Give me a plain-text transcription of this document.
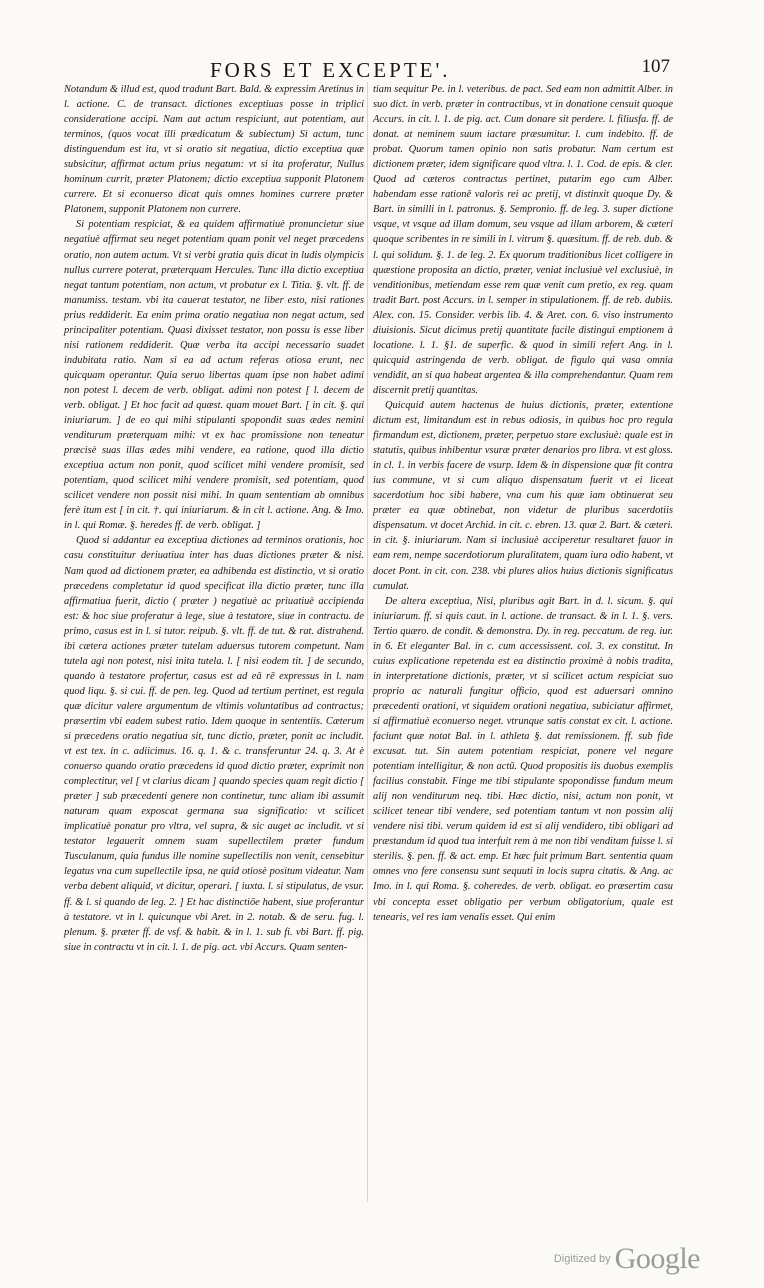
FORS ET EXCEPTE'.	107

Notandum & illud est, quod tradunt Bart. Bald. & expressim Aretinus in l. actione. C. de transact. dictiones exceptiuas posse in triplici consideratione accipi. Nam aut actum respiciunt, aut potentiam, aut terminos, (quos vocat illi prædicatum & subiectum) Si actum, tunc distinguendum est ita, vt si oratio sit negatiua, dictio exceptiua quæ subsicitur, affirmat actum prius negatum: vt si ita proferatur, Nullus hominum currit, præter Platonem; dictio exceptiua supponit Platonem currere. Et si econuerso dicat quis omnes homines currere præter Platonem, supponit Platonem non currere.

Si potentiam respiciat, & ea quidem affirmatiuè pronuncietur siue negatiuè affirmat seu neget potentiam quam ponit vel neget præcedens oratio, non autem actum. Vt si verbi gratia quis dicat in ludis olympicis nullus currere poterat, præterquam Hercules. Tunc illa dictio exceptiua negat tantum potentiam, non actum, vt probatur ex l. Titia. §. vlt. ff. de manumiss. testam. vbi ita cauerat testator, ne liber esto, nisi rationes prius reddiderit. Ea enim prima oratio negatiua non negat actum, sed principaliter potentiam. Quasi dixisset testator, non possu is esse liber nisi rationem reddiderit. Quæ verba ita accipi necessario suadet indubitata ratio. Nam si ea ad actum referas otiosa erunt, nec quicquam operantur. Quia seruo libertas quam ipse non habet adimi non potest l. decem de verb. obligat. adimi non potest [ l. decem de verb. obligat. ] Et hoc facit ad quæst. quam mouet Bart. [ in cit. §. qui iniuriarum. ] de eo qui mihi stipulanti spopondit suas ædes nemini venditurum præterquam mihi: vt ex hac promissione non teneatur præcisè suas illas ædes mihi vendere, ea ratione, quod illa dictio exceptiua actum non ponit, quod scilicet mihi vendere promisit, sed potentiam, quod scilicet mihi vendere promisit, sed potentiam, quod scilicet vendere non possit nisi mihi. In quam sententiam ab omnibus ferè itum est [ in cit. †. qui iniuriarum. & in cit l. actione. Ang. & Imo. in l. qui Romæ. §. heredes ff. de verb. obligat. ]

Quod si addantur ea exceptiua dictiones ad terminos orationis, hoc casu constituitur deriuatiua inter has duas dictiones præter & nisi. Nam quod ad dictionem præter, ea adhibenda est distinctio, vt si oratio præcedens completatur id quod specificat illa dictio præter, tunc illa affirmatiua fuerit, dictio ( præter ) negatiuè ac priuatiuè accipienda est: & hoc siue proferatur à lege, siue à testatore, siue in contractu. de primo, casus est in l. si tutor. reipub. §. vlt. ff. de tut. & rat. distrahend. ibi cætera actiones præter tutelam aduersus tutorem competunt. Nam tutela agi non potest, nisi inita tutela. l. [ nisi eodem tit. ] de secundo, quando à testatore profertur, casus est ad eā rē expressus in l. nam quod liqu. §. si cui. ff. de pen. leg. Quod ad tertium pertinet, est regula quæ dicitur valere argumentum de vltimis voluntatibus ad contractus; præsertim vbi eadem subest ratio. Idem quoque in sententiis. Cæterum si præcedens oratio negatiua sit, tunc dictio, præter, ponit ac includit. vt est tex. in c. adiicimus. 16. q. 1. & c. transferuntur 24. q. 3. At è conuerso quando oratio præcedens id quod dictio præter, exprimit non complectitur, vel [ vt clarius dicam ] quando species quam regit dictio [ præter ] sub præcedenti genere non continetur, tunc aliam ibi assumit naturam quam exposcat germana sua significatio: vt scilicet implicatiuè ponatur pro vltra, vel supra, & sic auget ac includit. vt si testator legauerit omnem suam supellectilem præter fundum Tusculanum, quia fundus ille nomine supellectilis non venit, censebitur legatus vna cum supellectile ipsa, ne quid otiosè positum videatur. Nam verba debent aliquid, vt dicitur, operari. [ iuxta. l. si stipulatus, de vsur. ff. & l. si quando de leg. 2. ] Et hac distinctiōe habent, siue proferantur à testatore. vt in l. quicunque vbi Aret. in 2. notab. & de seru. fug. l. plenum. §. præter ff. de vsf. & habit. & in l. 1. sub fi. vbi Bart. ff. pig. siue in contractu vt in cit. l. 1. de pig. act. vbi Accurs. Quam senten-

tiam sequitur Pe. in l. veteribus. de pact. Sed eam non admittit Alber. in suo dict. in verb. præter in contractibus, vt in donatione censuit quoque Accurs. in cit. l. 1. de pig. act. Cum donare sit perdere. l. filiusfa. ff. de donat. at neminem suum iactare præsumitur. l. cum indebito. ff. de probat. Quorum tamen opinio non satis probatur. Nam certum est dictionem præter, idem significare quod vltra. l. 1. Cod. de epis. & cler. Quod ad cæteros contractus pertinet, putarim ego cum Alber. habendam esse rationē valoris rei ac pretij, vt distinxit quoque Dy. & Bart. in similli in l. patronus. §. Sempronio. ff. de leg. 3. super dictione vsque, vt vsque ad illam domum, seu vsque ad illam arborem, & cæteri quoque scribentes in re simili in l. vitrum §. quæsitum. ff. de reb. dub. & l. qui solidum. §. 1. de leg. 2. Ex quorum traditionibus licet colligere in quæstione proposita an dictio, præter, veniat inclusiuè vel exclusiuè, in venditionibus, metiendam esse rem quæ venit cum pretio, ex reg. quam tradit Bart. post Accurs. in l. semper in stipulationem. ff. de reb. dubiis. Alex. con. 15. Consider. verbis lib. 4. & Aret. con. 6. viso instrumento diuisionis. Sicut dicimus pretij quantitate facile distingui emptionem à locatione. l. 1. §1. de superfic. & quod in simili refert Ang. in l. quicquid astringenda de verb. obligat. de figulo qui vasa omnia vendidit, an si qua habeat argentea & illa comprehendantur. Quam rem discernit pretij quantitas.

Quicquid autem hactenus de huius dictionis, præter, extentione dictum est, limitandum est in rebus odiosis, in quibus hoc pro regula firmandum est, dictionem, præter, perpetuo stare exclusiuè: quale est in statutis, quibus inhibentur vsuræ præter denarios pro libra. vt est gloss. in cl. 1. in verbis facere de vsurp. Idem & in dispensione quæ fit contra ius commune, vt si cum aliquo dispensatum fuerit vt ei liceat sacerdotium hoc sibi habere, vna cum his quæ iam obtinuerat seu præter ea quæ obtinebat, non videtur de pluribus sacerdotiis dispensatum. vt docet Archid. in cit. c. ebren. 13. quæ 2. Bart. & cæteri. in cit. §. iniuriarum. Nam si inclusiuè acciperetur resultaret fauor in eam rem, nempe sacerdotiorum pluralitatem, quam iura odio habent, vt docet Pont. in cit. con. 238. vbi plures alios huius dictionis significatus cumulat.

De altera exceptiua, Nisi, pluribus agit Bart. in d. l. sicum. §. qui iniuriarum. ff. si quis caut. in l. actione. de transact. & in l. 1. §. vers. Tertio quæro. de condit. & demonstra. Dy. in reg. peccatum. de reg. iur. in 6. Et eleganter Bal. in c. cum accessissent. col. 3. ex constitut. In cuius explicatione repetenda est ea distinctio proximè à nobis tradita, in interpretatione dictionis, præter, vt si scilicet actum respiciat suo proprio ac naturali fungitur officio, quod est aduersari omnino præcedenti orationi, vt siquidem orationi negatiua, subiciatur affirmet, si affirmatiuè econuerso neget. vtrunque satis constat ex cit. l. actione. faciunt quæ notat Bal. in l. athleta §. dat remissionem. ff. sub fide excusat. tut. Sin autem potentiam respiciat, ponere vel negare potentiam intelligitur, & non actū. Quod propositis iis duobus exemplis facilius constabit. Finge me tibi stipulante spopondisse fundum meum alij non venditurum neq. tibi. Hæc dictio, nisi, actum non ponit, vt scilicet tenear tibi vendere, sed potentiam tantum vt non possim alij vendere nisi tibi. verum quidem id est si alij vendidero, tibi obligari ad præstandum id quod tua interfuit rem à me non tibi venditam fuisse l. si sterilis. §. pen. ff. & act. emp. Et hæc fuit primum Bart. sententia quam omnes vno fere consensu sunt sequuti in locis supra citatis. & Ang. ac Imo. in l. qui Roma. §. coheredes. de verb. obligat. eo præsertim casu vbi concepta esset obligatio per verbum obligatorium, quale est tenearis, vel res iam venalis esset. Qui enim

Digitized by Google
